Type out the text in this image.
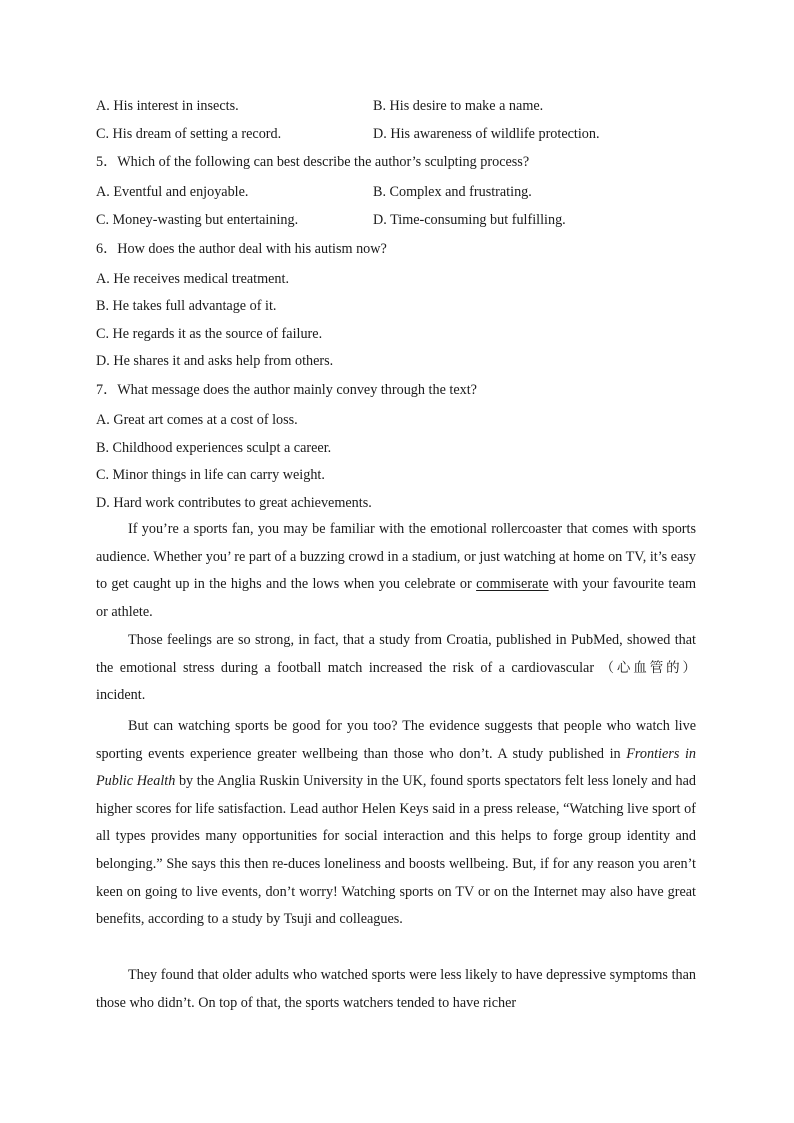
A. His interest in insects.	B. His desire to make a name.
C. His dream of setting a record.	D. His awareness of wildlife protection.
5．Which of the following can best describe the author’s sculpting process?
A. Eventful and enjoyable.	B. Complex and frustrating.
C. Money-wasting but entertaining.	D. Time-consuming but fulfilling.
6．How does the author deal with his autism now?
A. He receives medical treatment.
B. He takes full advantage of it.
C. He regards it as the source of failure.
D. He shares it and asks help from others.
7．What message does the author mainly convey through the text?
A. Great art comes at a cost of loss.
B. Childhood experiences sculpt a career.
C. Minor things in life can carry weight.
D. Hard work contributes to great achievements.
If you’re a sports fan, you may be familiar with the emotional rollercoaster that comes with sports audience. Whether you’ re part of a buzzing crowd in a stadium, or just watching at home on TV, it’s easy to get caught up in the highs and the lows when you celebrate or commiserate with your favourite team or athlete.
Those feelings are so strong, in fact, that a study from Croatia, published in PubMed, showed that the emotional stress during a football match increased the risk of a cardiovascular （心血管的） incident.
But can watching sports be good for you too? The evidence suggests that people who watch live sporting events experience greater wellbeing than those who don’t. A study published in Frontiers in Public Health by the Anglia Ruskin University in the UK, found sports spectators felt less lonely and had higher scores for life satisfaction. Lead author Helen Keys said in a press release, “Watching live sport of all types provides many opportunities for social interaction and this helps to forge group identity and belonging.” She says this then re-duces loneliness and boosts wellbeing. But, if for any reason you aren’t keen on going to live events, don’t worry! Watching sports on TV or on the Internet may also have great benefits, according to a study by Tsuji and colleagues.
They found that older adults who watched sports were less likely to have depressive symptoms than those who didn’t. On top of that, the sports watchers tended to have richer
